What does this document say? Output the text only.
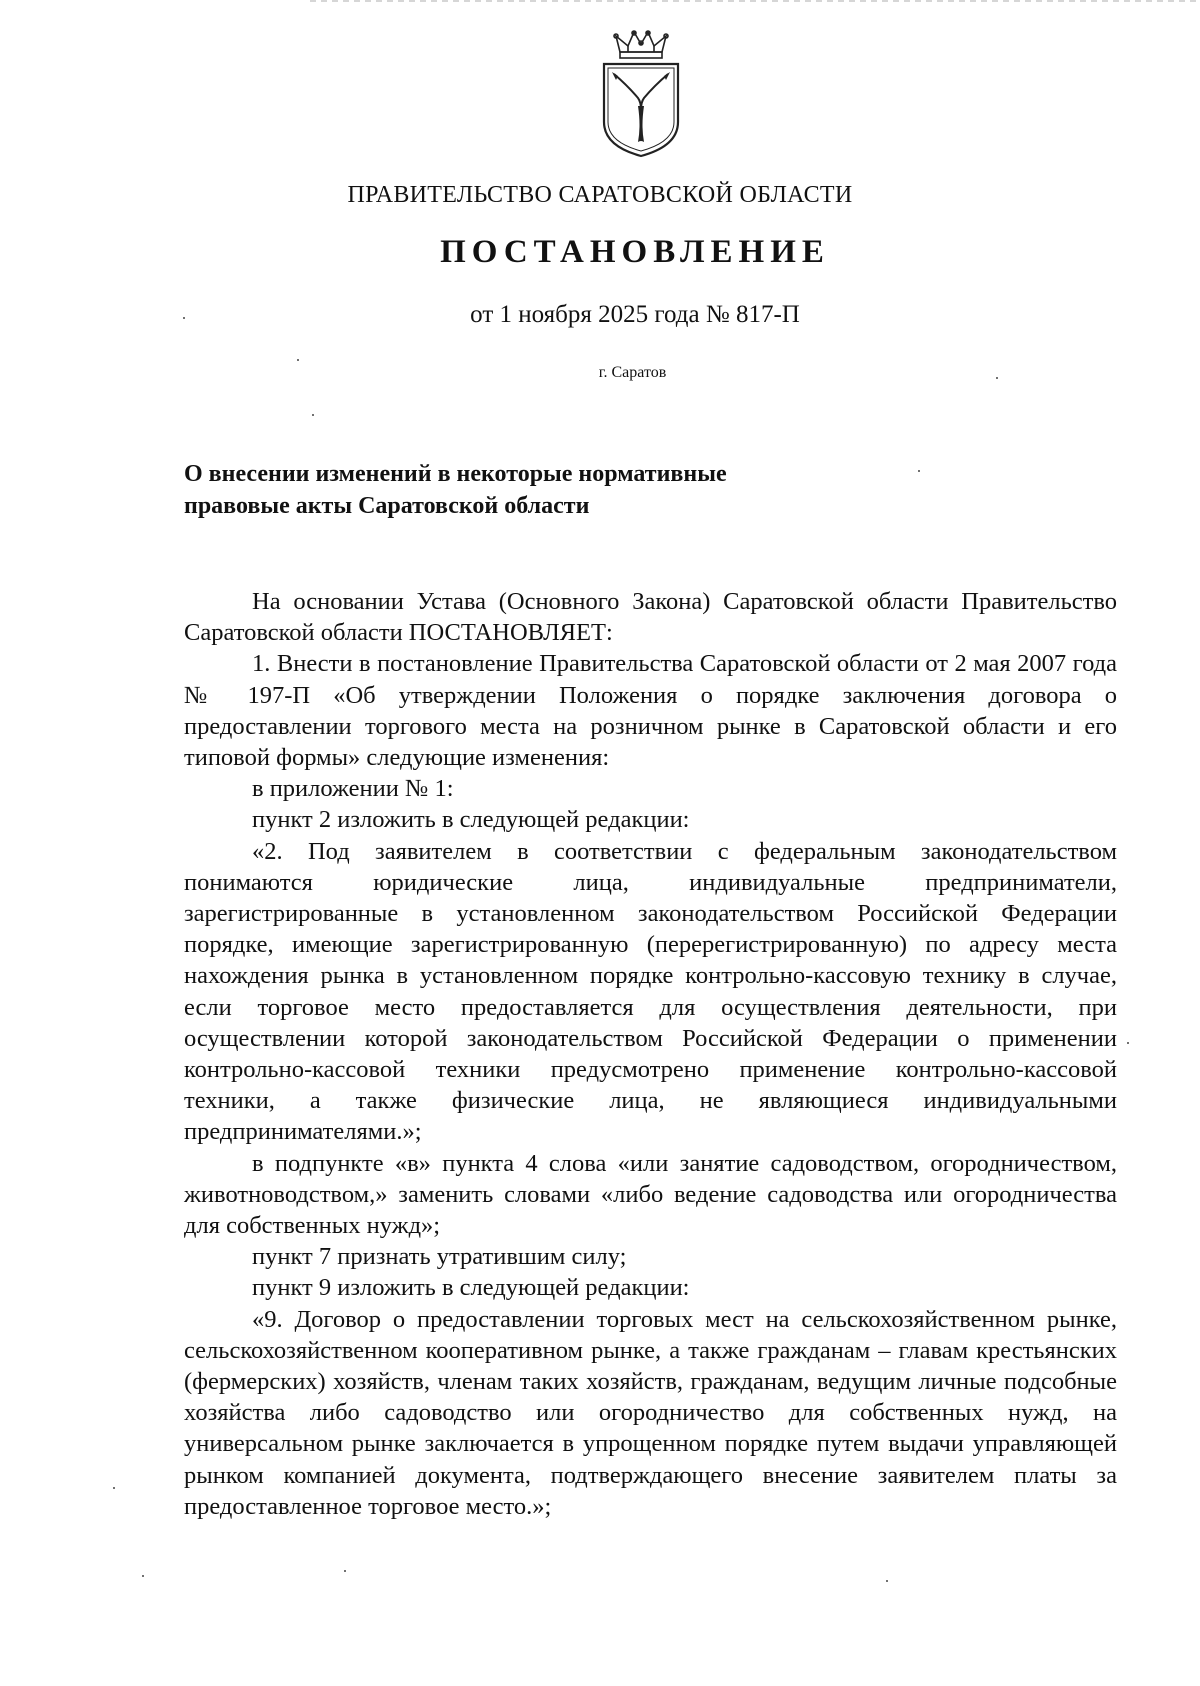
ПРАВИТЕЛЬСТВО САРАТОВСКОЙ ОБЛАСТИ
ПОСТАНОВЛЕНИЕ
от 1 ноября 2025 года № 817-П
г. Саратов
О внесении изменений в некоторые нормативные
правовые акты Саратовской области

На основании Устава (Основного Закона) Саратовской области Правительство Саратовской области ПОСТАНОВЛЯЕТ:

1. Внести в постановление Правительства Саратовской области от 2 мая 2007 года № 197-П «Об утверждении Положения о порядке заключения договора о предоставлении торгового места на розничном рынке в Саратовской области и его типовой формы» следующие изменения:

в приложении № 1:

пункт 2 изложить в следующей редакции:

«2. Под заявителем в соответствии с федеральным законодательством понимаются юридические лица, индивидуальные предприниматели, зарегистрированные в установленном законодательством Российской Федерации порядке, имеющие зарегистрированную (перерегистрированную) по адресу места нахождения рынка в установленном порядке контрольно-кассовую технику в случае, если торговое место предоставляется для осуществления деятельности, при осуществлении которой законодательством Российской Федерации о применении контрольно-кассовой техники предусмотрено применение контрольно-кассовой техники, а также физические лица, не являющиеся индивидуальными предпринимателями.»;

в подпункте «в» пункта 4 слова «или занятие садоводством, огородничеством, животноводством,» заменить словами «либо ведение садоводства или огородничества для собственных нужд»;

пункт 7 признать утратившим силу;

пункт 9 изложить в следующей редакции:

«9. Договор о предоставлении торговых мест на сельскохозяйственном рынке, сельскохозяйственном кооперативном рынке, а также гражданам – главам крестьянских (фермерских) хозяйств, членам таких хозяйств, гражданам, ведущим личные подсобные хозяйства либо садоводство или огородничество для собственных нужд, на универсальном рынке заключается в упрощенном порядке путем выдачи управляющей рынком компанией документа, подтверждающего внесение заявителем платы за предоставленное торговое место.»;
